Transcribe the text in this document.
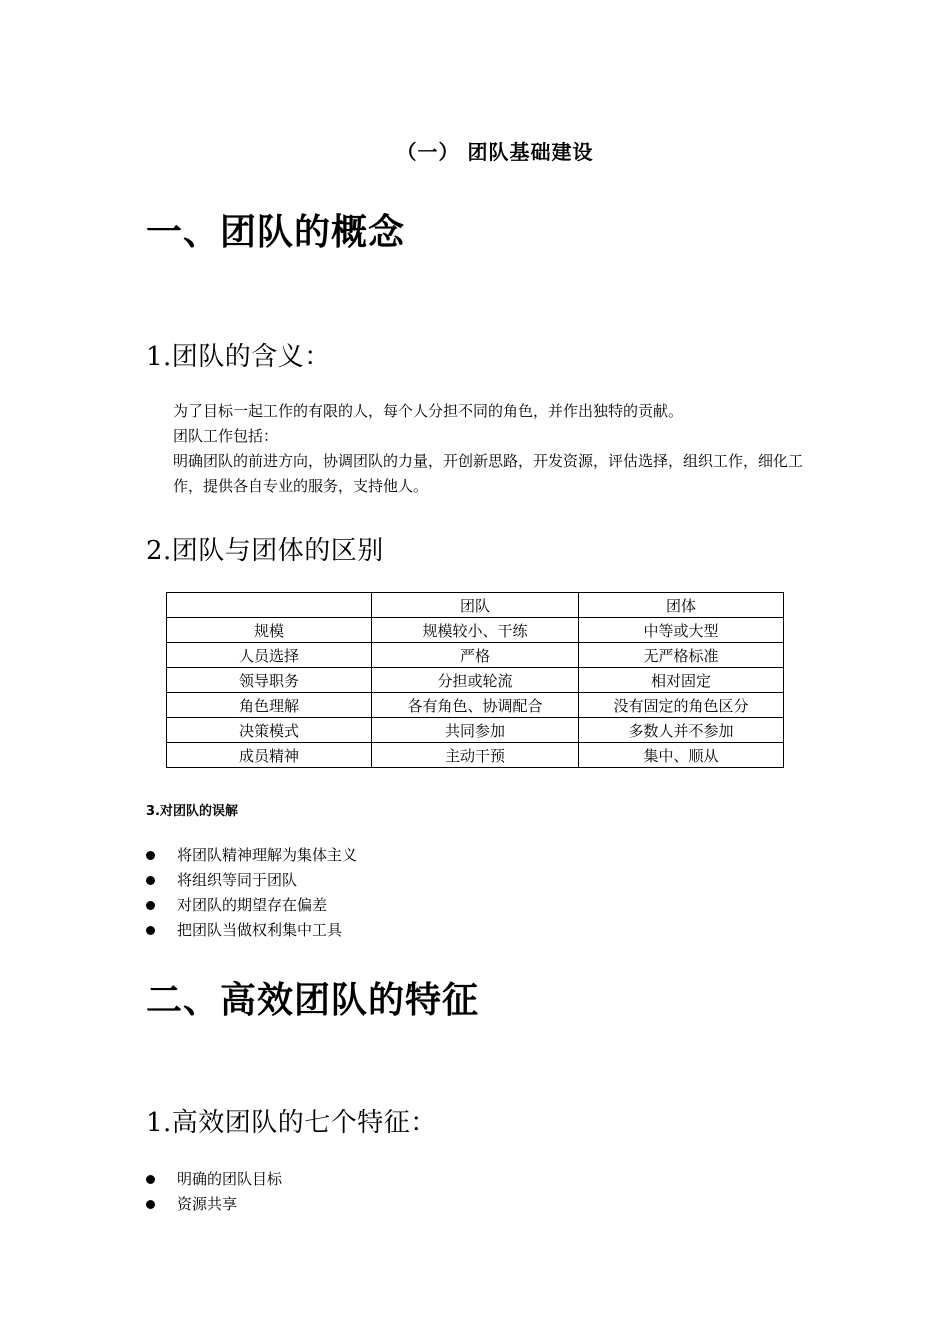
（一） 团队基础建设
一、团队的概念
1.团队的含义：

为了目标一起工作的有限的人，每个人分担不同的角色，并作出独特的贡献。

团队工作包括：

明确团队的前进方向，协调团队的力量，开创新思路，开发资源，评估选择，组织工作，细化工作，提供各自专业的服务，支持他人。

2.团队与团体的区别
	团队	团体
规模	规模较小、干练	中等或大型
人员选择	严格	无严格标准
领导职务	分担或轮流	相对固定
角色理解	各有角色、协调配合	没有固定的角色区分
决策模式	共同参加	多数人并不参加
成员精神	主动干预	集中、顺从
3.对团队的误解
将团队精神理解为集体主义
将组织等同于团队
对团队的期望存在偏差
把团队当做权利集中工具
二、高效团队的特征
1.高效团队的七个特征：
明确的团队目标
资源共享
